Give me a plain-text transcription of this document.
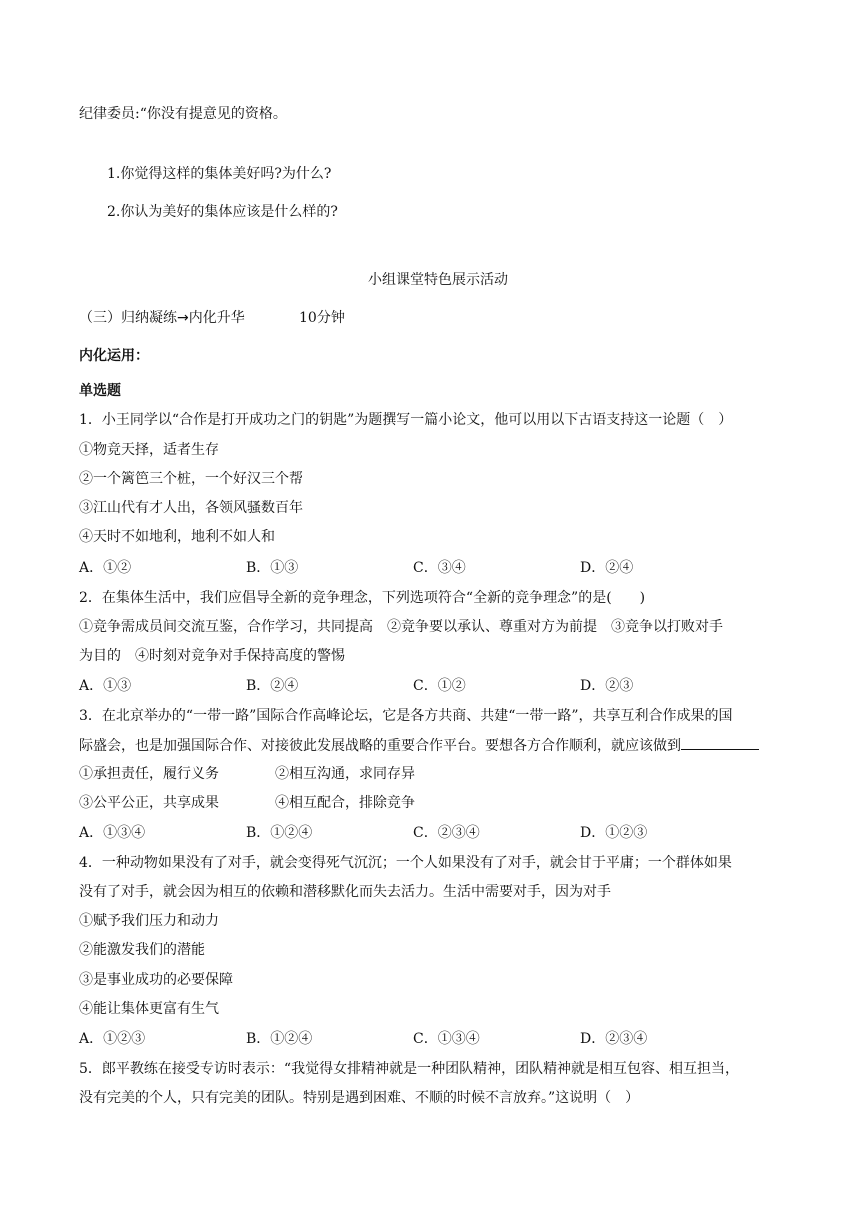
纪律委员:“你没有提意见的资格。
1.你觉得这样的集体美好吗?为什么?
2.你认为美好的集体应该是什么样的?
小组课堂特色展示活动
（三）归纳凝练→内化升华	10分钟
内化运用：
单选题
1．小王同学以“合作是打开成功之门的钥匙”为题撰写一篇小论文，他可以用以下古语支持这一论题（　）
①物竞天择，适者生存
②一个篱笆三个桩，一个好汉三个帮
③江山代有才人出，各领风骚数百年
④天时不如地利，地利不如人和
A．①②	B．①③	C．③④	D．②④
2．在集体生活中，我们应倡导全新的竞争理念，下列选项符合“全新的竞争理念”的是(　　)
①竞争需成员间交流互鉴，合作学习，共同提高　②竞争要以承认、尊重对方为前提　③竞争以打败对手
为目的　④时刻对竞争对手保持高度的警惕
A．①③	B．②④	C．①②	D．②③
3．在北京举办的“一带一路”国际合作高峰论坛，它是各方共商、共建“一带一路”，共享互利合作成果的国
际盛会，也是加强国际合作、对接彼此发展战略的重要合作平台。要想各方合作顺利，就应该做到
①承担责任，履行义务　　　　②相互沟通，求同存异
③公平公正，共享成果　　　　④相互配合，排除竞争
A．①③④	B．①②④	C．②③④	D．①②③
4．一种动物如果没有了对手，就会变得死气沉沉；一个人如果没有了对手，就会甘于平庸；一个群体如果
没有了对手，就会因为相互的依赖和潜移默化而失去活力。生活中需要对手，因为对手
①赋予我们压力和动力
②能激发我们的潜能
③是事业成功的必要保障
④能让集体更富有生气
A．①②③	B．①②④	C．①③④	D．②③④
5．郎平教练在接受专访时表示：“我觉得女排精神就是一种团队精神，团队精神就是相互包容、相互担当，
没有完美的个人，只有完美的团队。特别是遇到困难、不顺的时候不言放弃。”这说明（　）
